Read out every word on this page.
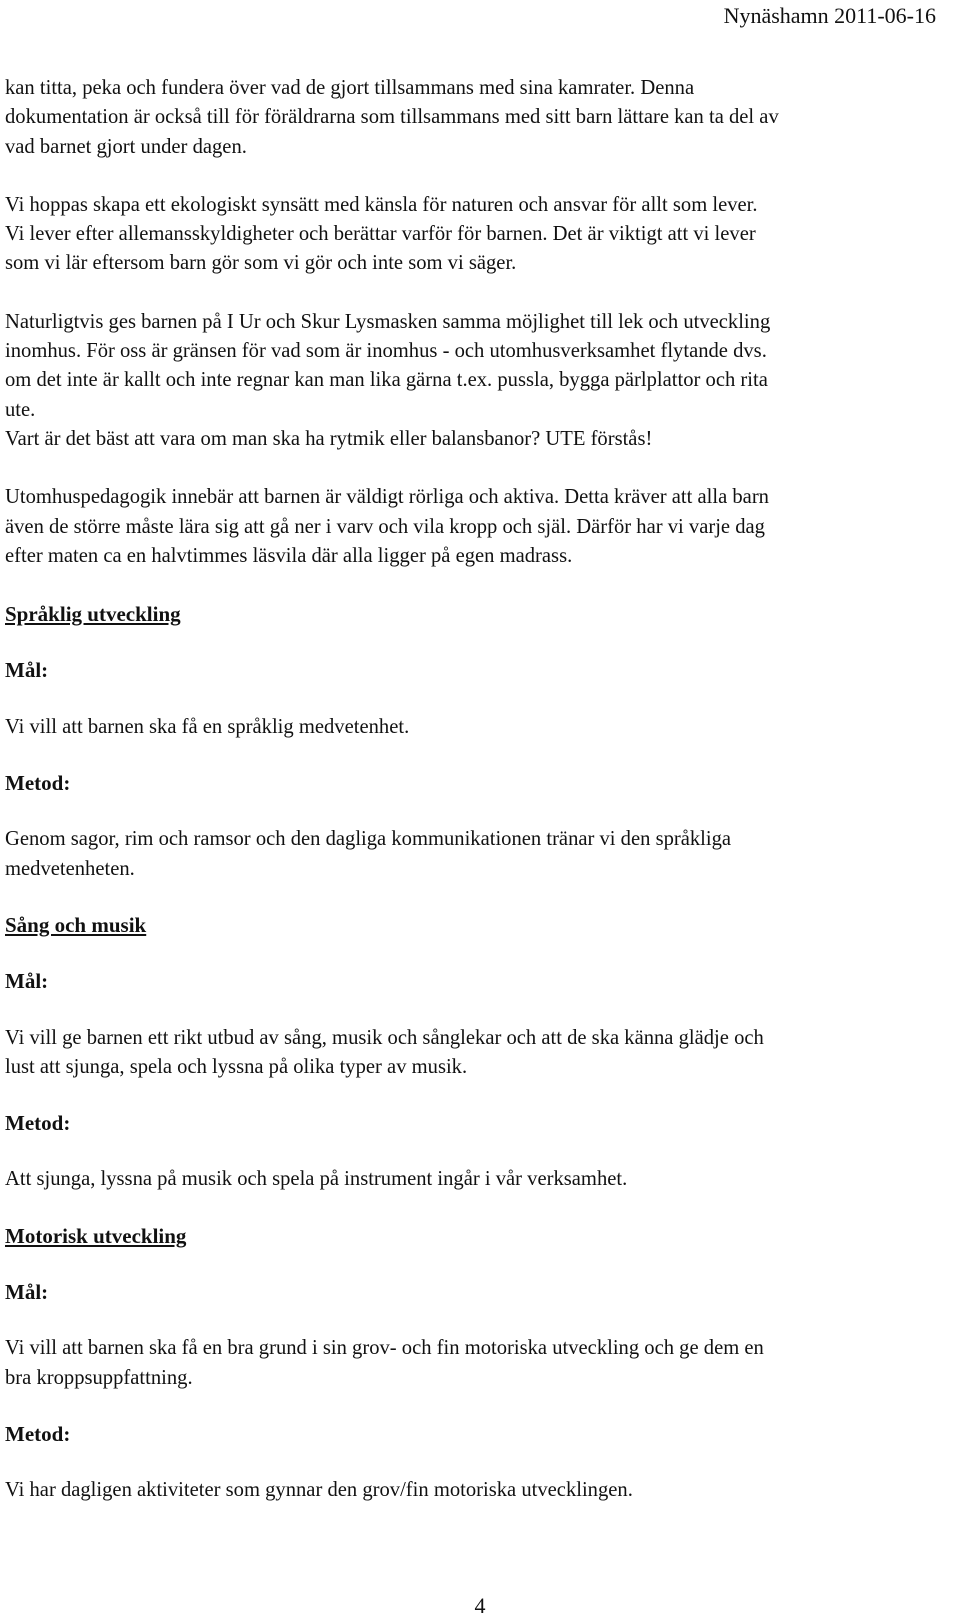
Nynäshamn 2011-06-16

kan titta, peka och fundera över vad de gjort tillsammans med sina kamrater. Denna

dokumentation är också till för föräldrarna som tillsammans med sitt barn lättare kan ta del av

vad barnet gjort under dagen.

Vi hoppas skapa ett ekologiskt synsätt med känsla för naturen och ansvar för allt som lever.

Vi lever efter allemansskyldigheter och berättar varför för barnen. Det är viktigt att vi lever

som vi lär eftersom barn gör som vi gör och inte som vi säger.

Naturligtvis ges barnen på I Ur och Skur Lysmasken samma möjlighet till lek och utveckling

inomhus. För oss är gränsen för vad som är inomhus - och utomhusverksamhet flytande dvs.

om det inte är kallt och inte regnar kan man lika gärna t.ex. pussla, bygga pärlplattor och rita

ute.

Vart är det bäst att vara om man ska ha rytmik eller balansbanor? UTE förstås!

Utomhuspedagogik innebär att barnen är väldigt rörliga och aktiva. Detta kräver att alla barn

även de större måste lära sig att gå ner i varv och vila kropp och själ. Därför har vi varje dag

efter maten ca en halvtimmes läsvila där alla ligger på egen madrass.

Språklig utveckling

Mål:

Vi vill att barnen ska få en språklig medvetenhet.

Metod:

Genom sagor, rim och ramsor och den dagliga kommunikationen tränar vi den språkliga

medvetenheten.

Sång och musik

Mål:

Vi vill ge barnen ett rikt utbud av sång, musik och sånglekar och att de ska känna glädje och

lust att sjunga, spela och lyssna på olika typer av musik.

Metod:

Att sjunga, lyssna på musik och spela på instrument ingår i vår verksamhet.

Motorisk utveckling

Mål:

Vi vill att barnen ska få en bra grund i sin grov- och fin motoriska utveckling och ge dem en

bra kroppsuppfattning.

Metod:

Vi har dagligen aktiviteter som gynnar den grov/fin motoriska utvecklingen.

4
